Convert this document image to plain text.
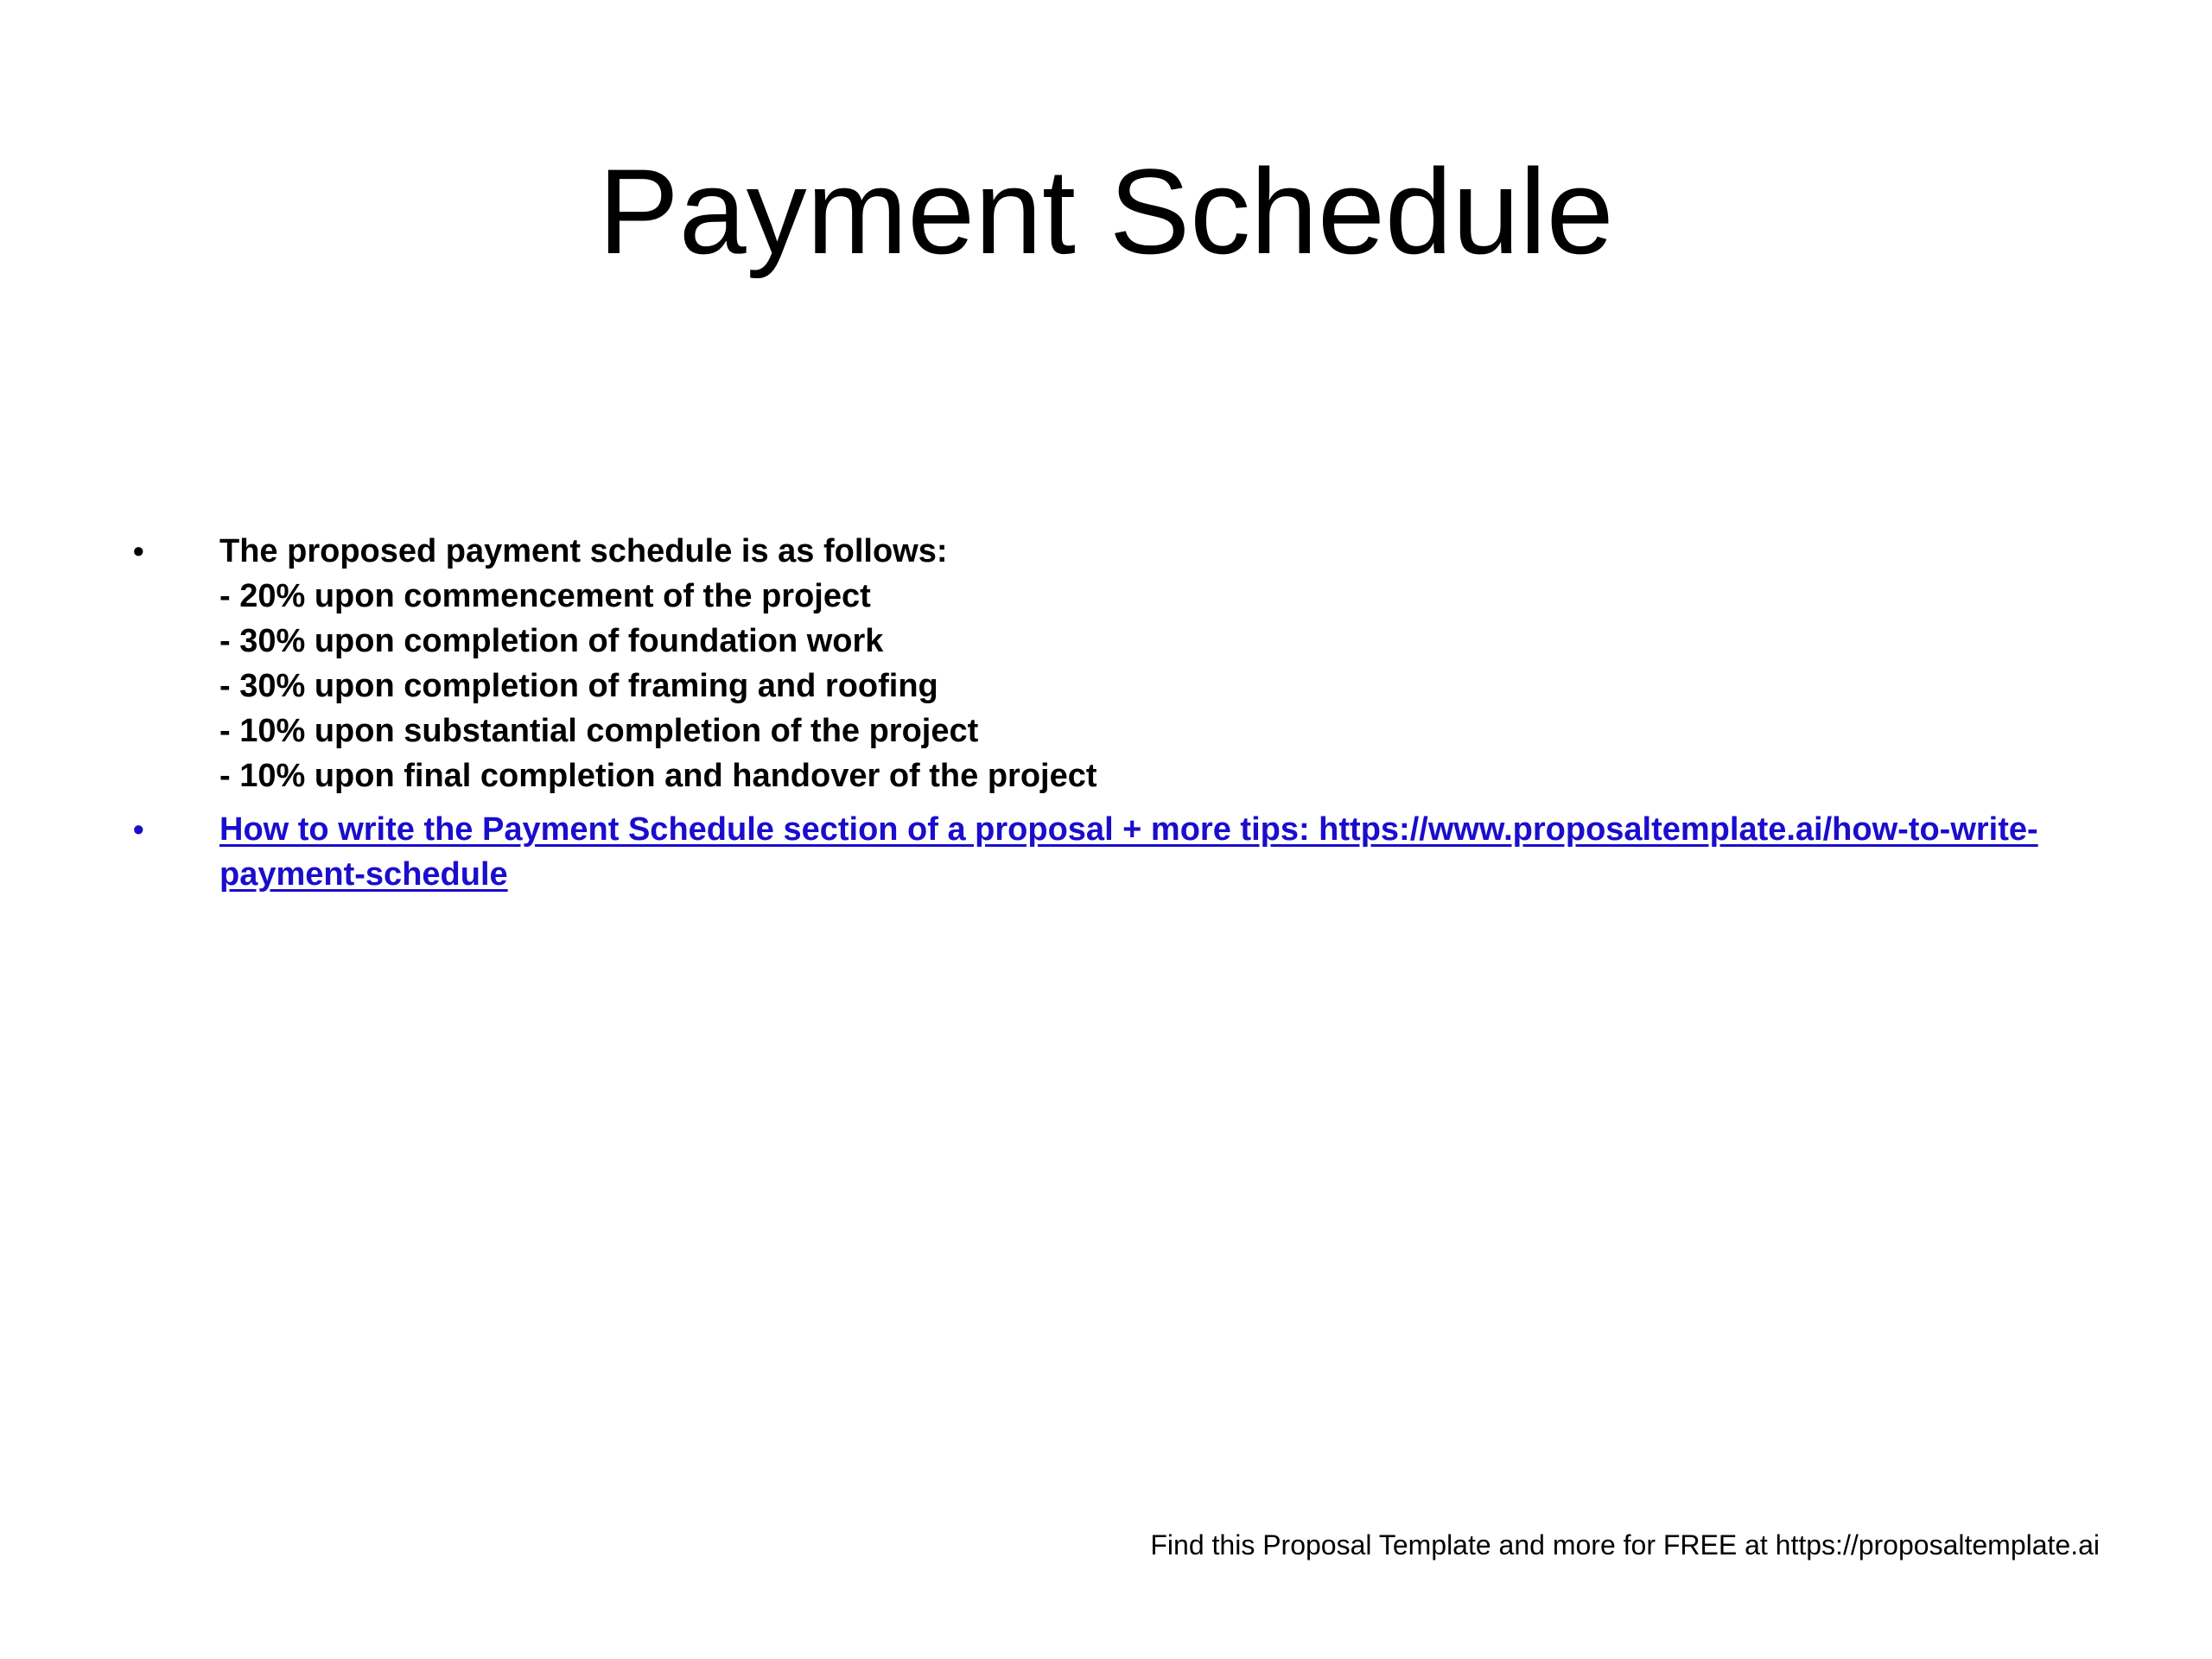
Payment Schedule
•	The proposed payment schedule is as follows:
- 20% upon commencement of the project
- 30% upon completion of foundation work
- 30% upon completion of framing and roofing
- 10% upon substantial completion of the project
- 10% upon final completion and handover of the project
•	How to write the Payment Schedule section of a proposal + more tips: https://www.proposaltemplate.ai/how-to-write-
payment-schedule
Find this Proposal Template and more for FREE at https://proposaltemplate.ai
